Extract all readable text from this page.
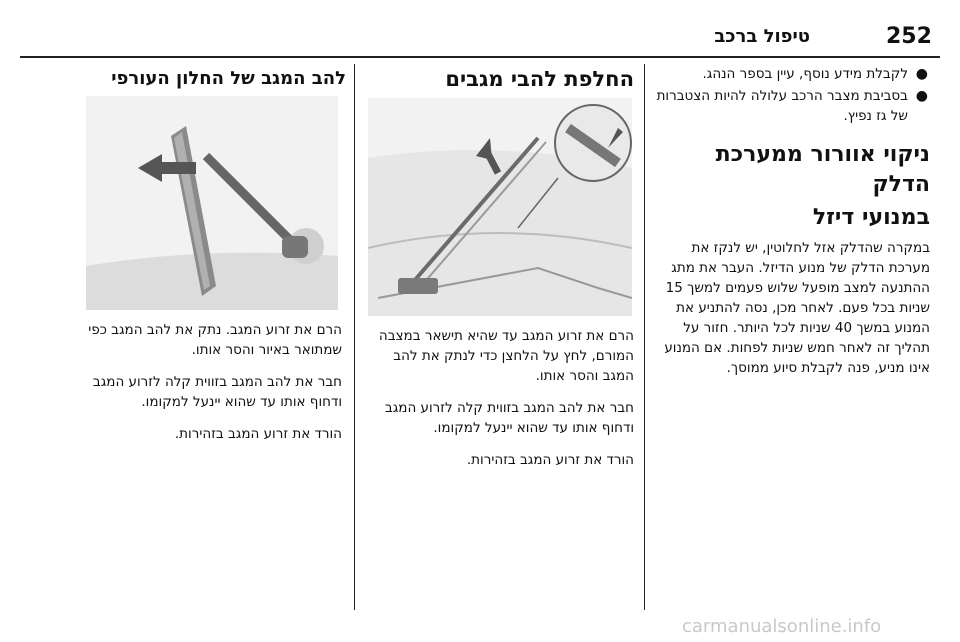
252
טיפול ברכב
●
לקבלת מידע נוסף, עיין בספר הנהג.
●
בסביבת מצבר הרכב עלולה להיות הצטברות של גז נפיץ.
ניקוי אוורור ממערכת הדלק
במנועי דיזל
במקרה שהדלק אזל לחלוטין, יש לנקז את מערכת הדלק של מנוע הדיזל. העבר את מתג ההתנעה למצב מופעל שלוש פעמים למשך 15 שניות בכל פעם. לאחר מכן, נסה להתניע את המנוע במשך 40 שניות לכל היותר. חזור על תהליך זה לאחר חמש שניות לפחות. אם המנוע אינו מניע, פנה לקבלת סיוע ממוסך.
החלפת להבי מגבים
הרם את זרוע המגב עד שהיא תישאר במצבה המורם, לחץ על הלחצן כדי לנתק את להב המגב והסר אותו.
חבר את להב המגב בזווית קלה לזרוע המגב ודחוף אותו עד שהוא יינעל למקומו.
הורד את זרוע המגב בזהירות.
להב המגב של החלון העורפי
הרם את זרוע המגב. נתק את להב המגב כפי שמתואר באיור והסר אותו.
חבר את להב המגב בזווית קלה לזרוע המגב ודחוף אותו עד שהוא יינעל למקומו.
הורד את זרוע המגב בזהירות.
carmanualsonline.info
